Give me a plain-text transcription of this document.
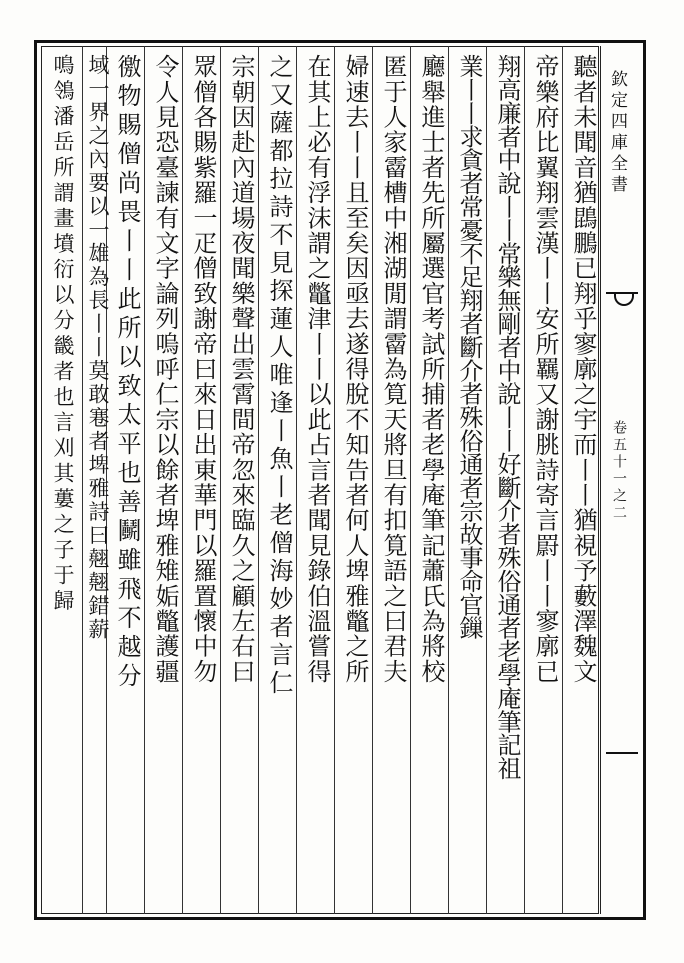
欽定四庫全書
卷五十一之二
聽者未聞音猶鵾鵬已翔乎寥廓之宇而丨丨猶視予藪澤魏文
帝樂府比翼翔雲漢丨丨安所羈又謝朓詩寄言罻丨丨寥廓已
翔高廉者中說丨丨常樂無剛者中說丨丨好斷介者殊俗通者老學庵筆記祖
業丨丨求貪者常憂不足翔者斷介者殊俗通者宗故事命官鏁
廳舉進士者先所屬選官考試所捕者老學庵筆記蕭氏為將校
匿于人家霤槽中湘湖閒謂霤為筧天將旦有扣筧語之曰君夫
婦速去丨丨且至矣因亟去遂得脫不知告者何人埤雅鼈之所
在其上必有浮沫謂之鼈津丨丨以此占言者聞見錄伯溫嘗得
之又薩都拉詩不見探蓮人唯逢丨魚丨老僧海妙者言仁
宗朝因赴內道場夜聞樂聲出雲霄間帝忽來臨久之顧左右曰
眾僧各賜紫羅一疋僧致謝帝曰來日出東華門以羅置懷中勿
令人見恐臺諫有文字論列嗚呼仁宗以餘者埤雅雉姤鼈護疆
徼物賜僧尚畏丨丨此所以致太平也善鬭雖飛不越分
域一界之內要以一雄為長丨丨莫敢寋者埤雅詩曰翹翹錯薪
鳴鴒潘岳所謂畫墳衍以分畿者也言刈其蔞之子于歸
